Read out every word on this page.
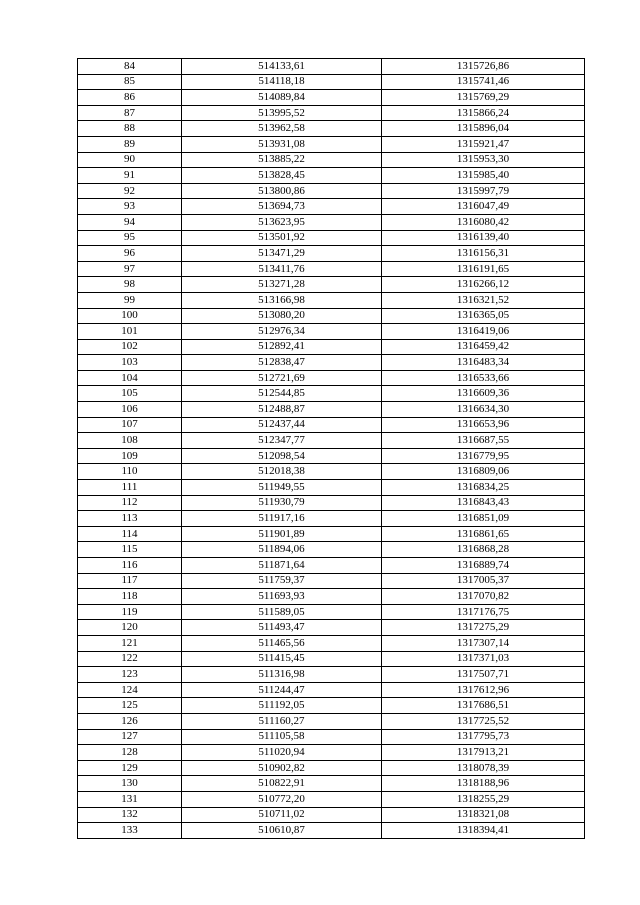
84	514133,61	1315726,86
85	514118,18	1315741,46
86	514089,84	1315769,29
87	513995,52	1315866,24
88	513962,58	1315896,04
89	513931,08	1315921,47
90	513885,22	1315953,30
91	513828,45	1315985,40
92	513800,86	1315997,79
93	513694,73	1316047,49
94	513623,95	1316080,42
95	513501,92	1316139,40
96	513471,29	1316156,31
97	513411,76	1316191,65
98	513271,28	1316266,12
99	513166,98	1316321,52
100	513080,20	1316365,05
101	512976,34	1316419,06
102	512892,41	1316459,42
103	512838,47	1316483,34
104	512721,69	1316533,66
105	512544,85	1316609,36
106	512488,87	1316634,30
107	512437,44	1316653,96
108	512347,77	1316687,55
109	512098,54	1316779,95
110	512018,38	1316809,06
111	511949,55	1316834,25
112	511930,79	1316843,43
113	511917,16	1316851,09
114	511901,89	1316861,65
115	511894,06	1316868,28
116	511871,64	1316889,74
117	511759,37	1317005,37
118	511693,93	1317070,82
119	511589,05	1317176,75
120	511493,47	1317275,29
121	511465,56	1317307,14
122	511415,45	1317371,03
123	511316,98	1317507,71
124	511244,47	1317612,96
125	511192,05	1317686,51
126	511160,27	1317725,52
127	511105,58	1317795,73
128	511020,94	1317913,21
129	510902,82	1318078,39
130	510822,91	1318188,96
131	510772,20	1318255,29
132	510711,02	1318321,08
133	510610,87	1318394,41
